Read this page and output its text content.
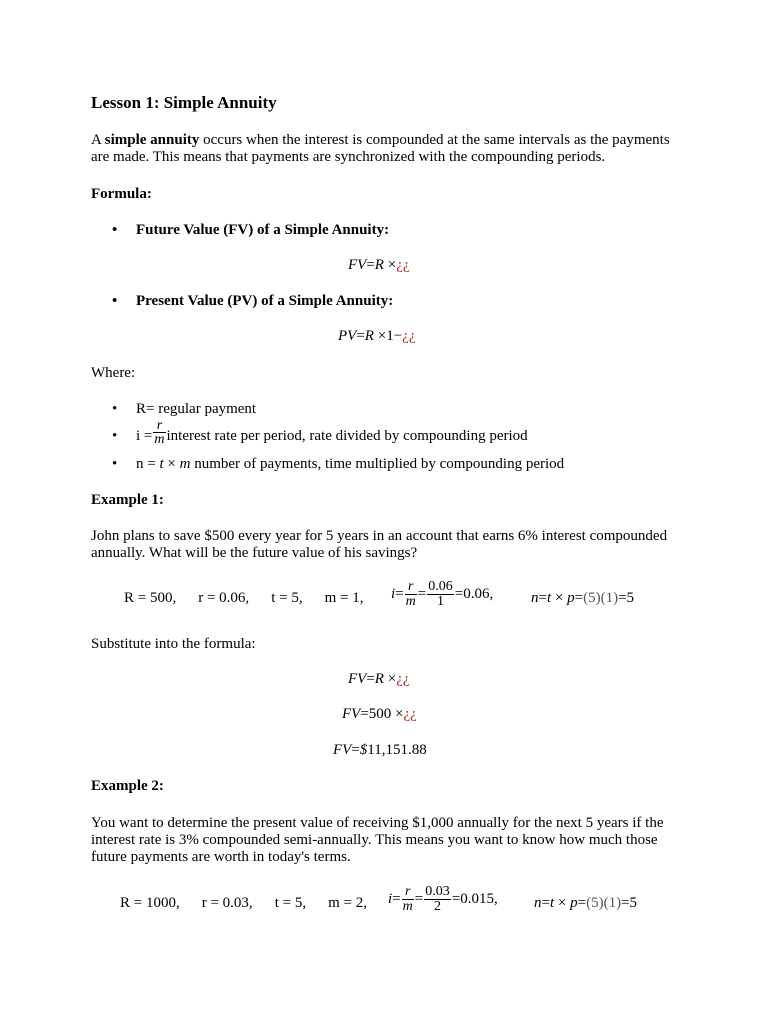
Lesson 1: Simple Annuity
A simple annuity occurs when the interest is compounded at the same intervals as the payments are made. This means that payments are synchronized with the compounding periods.
Formula:
• Future Value (FV) of a Simple Annuity:
FV=R ×¿¿
• Present Value (PV) of a Simple Annuity:
PV=R ×1−¿¿
Where:
• R= regular payment
• $i = \frac{r}{m}$ interest rate per period, rate divided by compounding period
• n = t × m number of payments, time multiplied by compounding period
Example 1:
John plans to save $500 every year for 5 years in an account that earns 6% interest compounded annually. What will be the future value of his savings?
R = 500, r = 0.06, t = 5, m = 1,	$i= \frac{r}{m} = \frac{0.06}{1} =0.06$,	n=t × p=(5)(1)=5
Substitute into the formula:
FV=R ×¿¿
FV=500 ×¿¿
FV=$11,151.88
Example 2:
You want to determine the present value of receiving $1,000 annually for the next 5 years if the interest rate is 3% compounded semi-annually. This means you want to know how much those future payments are worth in today's terms.
R = 1000, r = 0.03, t = 5, m = 2,	$i= \frac{r}{m} = \frac{0.03}{2} =0.015$, n=t × p=(5)(1)=5
